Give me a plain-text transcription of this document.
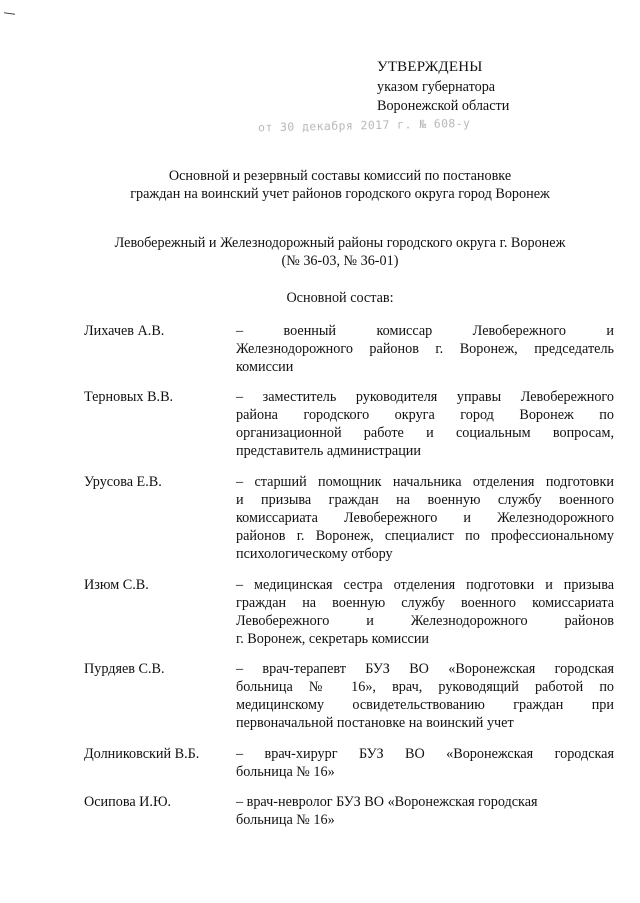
УТВЕРЖДЕНЫ
указом губернатора
Воронежской области
от 30 декабря 2017 г. № 608-у
Основной и резервный составы комиссий по постановке
граждан на воинский учет районов городского округа город Воронеж
Левобережный и Железнодорожный районы городского округа г. Воронеж
(№ 36-03, № 36-01)
Основной состав:
Лихачев А.В.	– военный комиссар Левобережного и
Железнодорожного районов г. Воронеж, председатель
комиссии
Терновых В.В.	– заместитель руководителя управы Левобережного
района городского округа город Воронеж по
организационной работе и социальным вопросам,
представитель администрации
Урусова Е.В.	– старший помощник начальника отделения подготовки
и призыва граждан на военную службу военного
комиссариата Левобережного и Железнодорожного
районов г. Воронеж, специалист по профессиональному
психологическому отбору
Изюм С.В.	– медицинская сестра отделения подготовки и призыва
граждан на военную службу военного комиссариата
Левобережного и Железнодорожного районов
г. Воронеж, секретарь комиссии
Пурдяев С.В.	– врач-терапевт БУЗ ВО «Воронежская городская
больница № 16», врач, руководящий работой по
медицинскому освидетельствованию граждан при
первоначальной постановке на воинский учет
Долниковский В.Б.	– врач-хирург БУЗ ВО «Воронежская городская
больница № 16»
Осипова И.Ю.	– врач-невролог БУЗ ВО «Воронежская городская
больница № 16»
